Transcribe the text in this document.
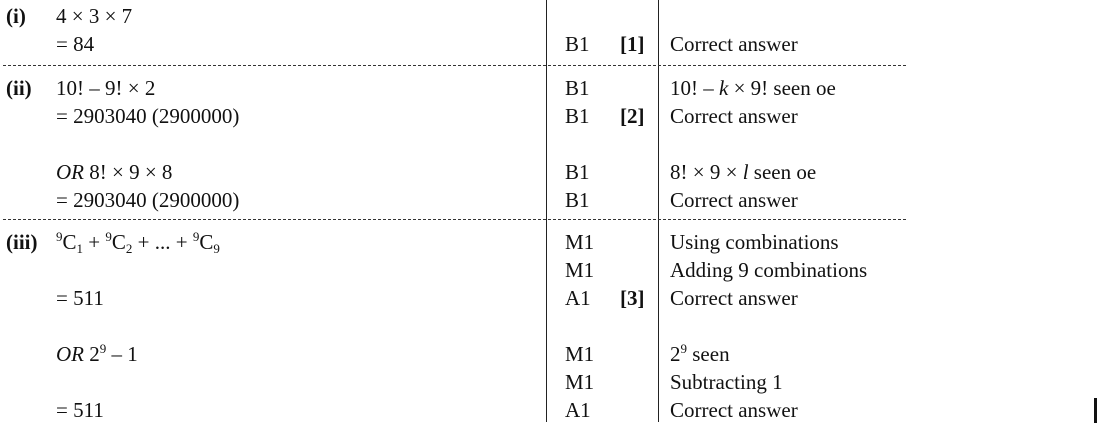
(i) 4 × 3 × 7
= 84	B1 [1] Correct answer
(ii) 10! – 9! × 2
= 2903040 (2900000)
B1
B1 [2]
10! – k × 9! seen oe
Correct answer
OR 8! × 9 × 8
= 2903040 (2900000)
B1
B1
8! × 9 × l seen oe
Correct answer
(iii) $^9C_1 + ^9C_2$ + ... + $^9C_9$
= 511
M1
M1
A1 [3]
Using combinations
Adding 9 combinations
Correct answer
OR $2^9 - 1$
= 511
M1
M1
A1
$2^9$ seen
Subtracting 1
Correct answer
